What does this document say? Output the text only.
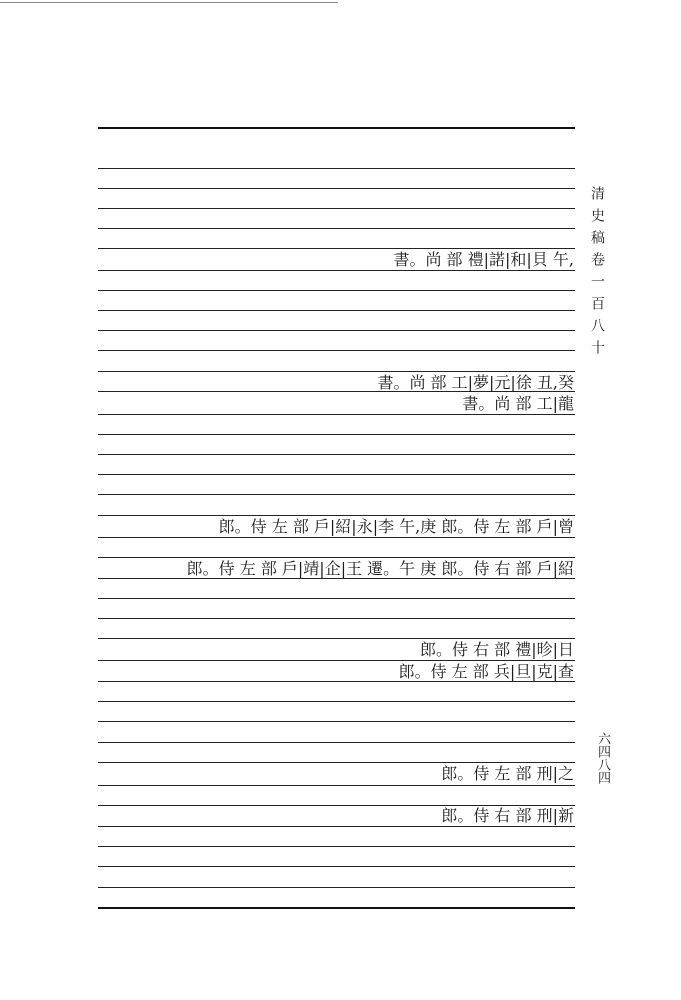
書。尚 部 禮|諾|和|貝 午,
書。尚 部 工|夢|元|徐 丑,癸
書。尚 部 工|龍
郎。侍 左 部 戶|紹|永|李 午,庚 郎。侍 左 部 戶|曾
郎。侍 左 部 戶|靖|企|王 遷。午 庚 郎。侍 右 部 戶|紹
郎。侍 右 部 禮|昣|日
郎。侍 左 部 兵|旦|克|查
郎。侍 左 部 刑|之
郎。侍 右 部 刑|新
清史稿卷一百八十
六四八四
